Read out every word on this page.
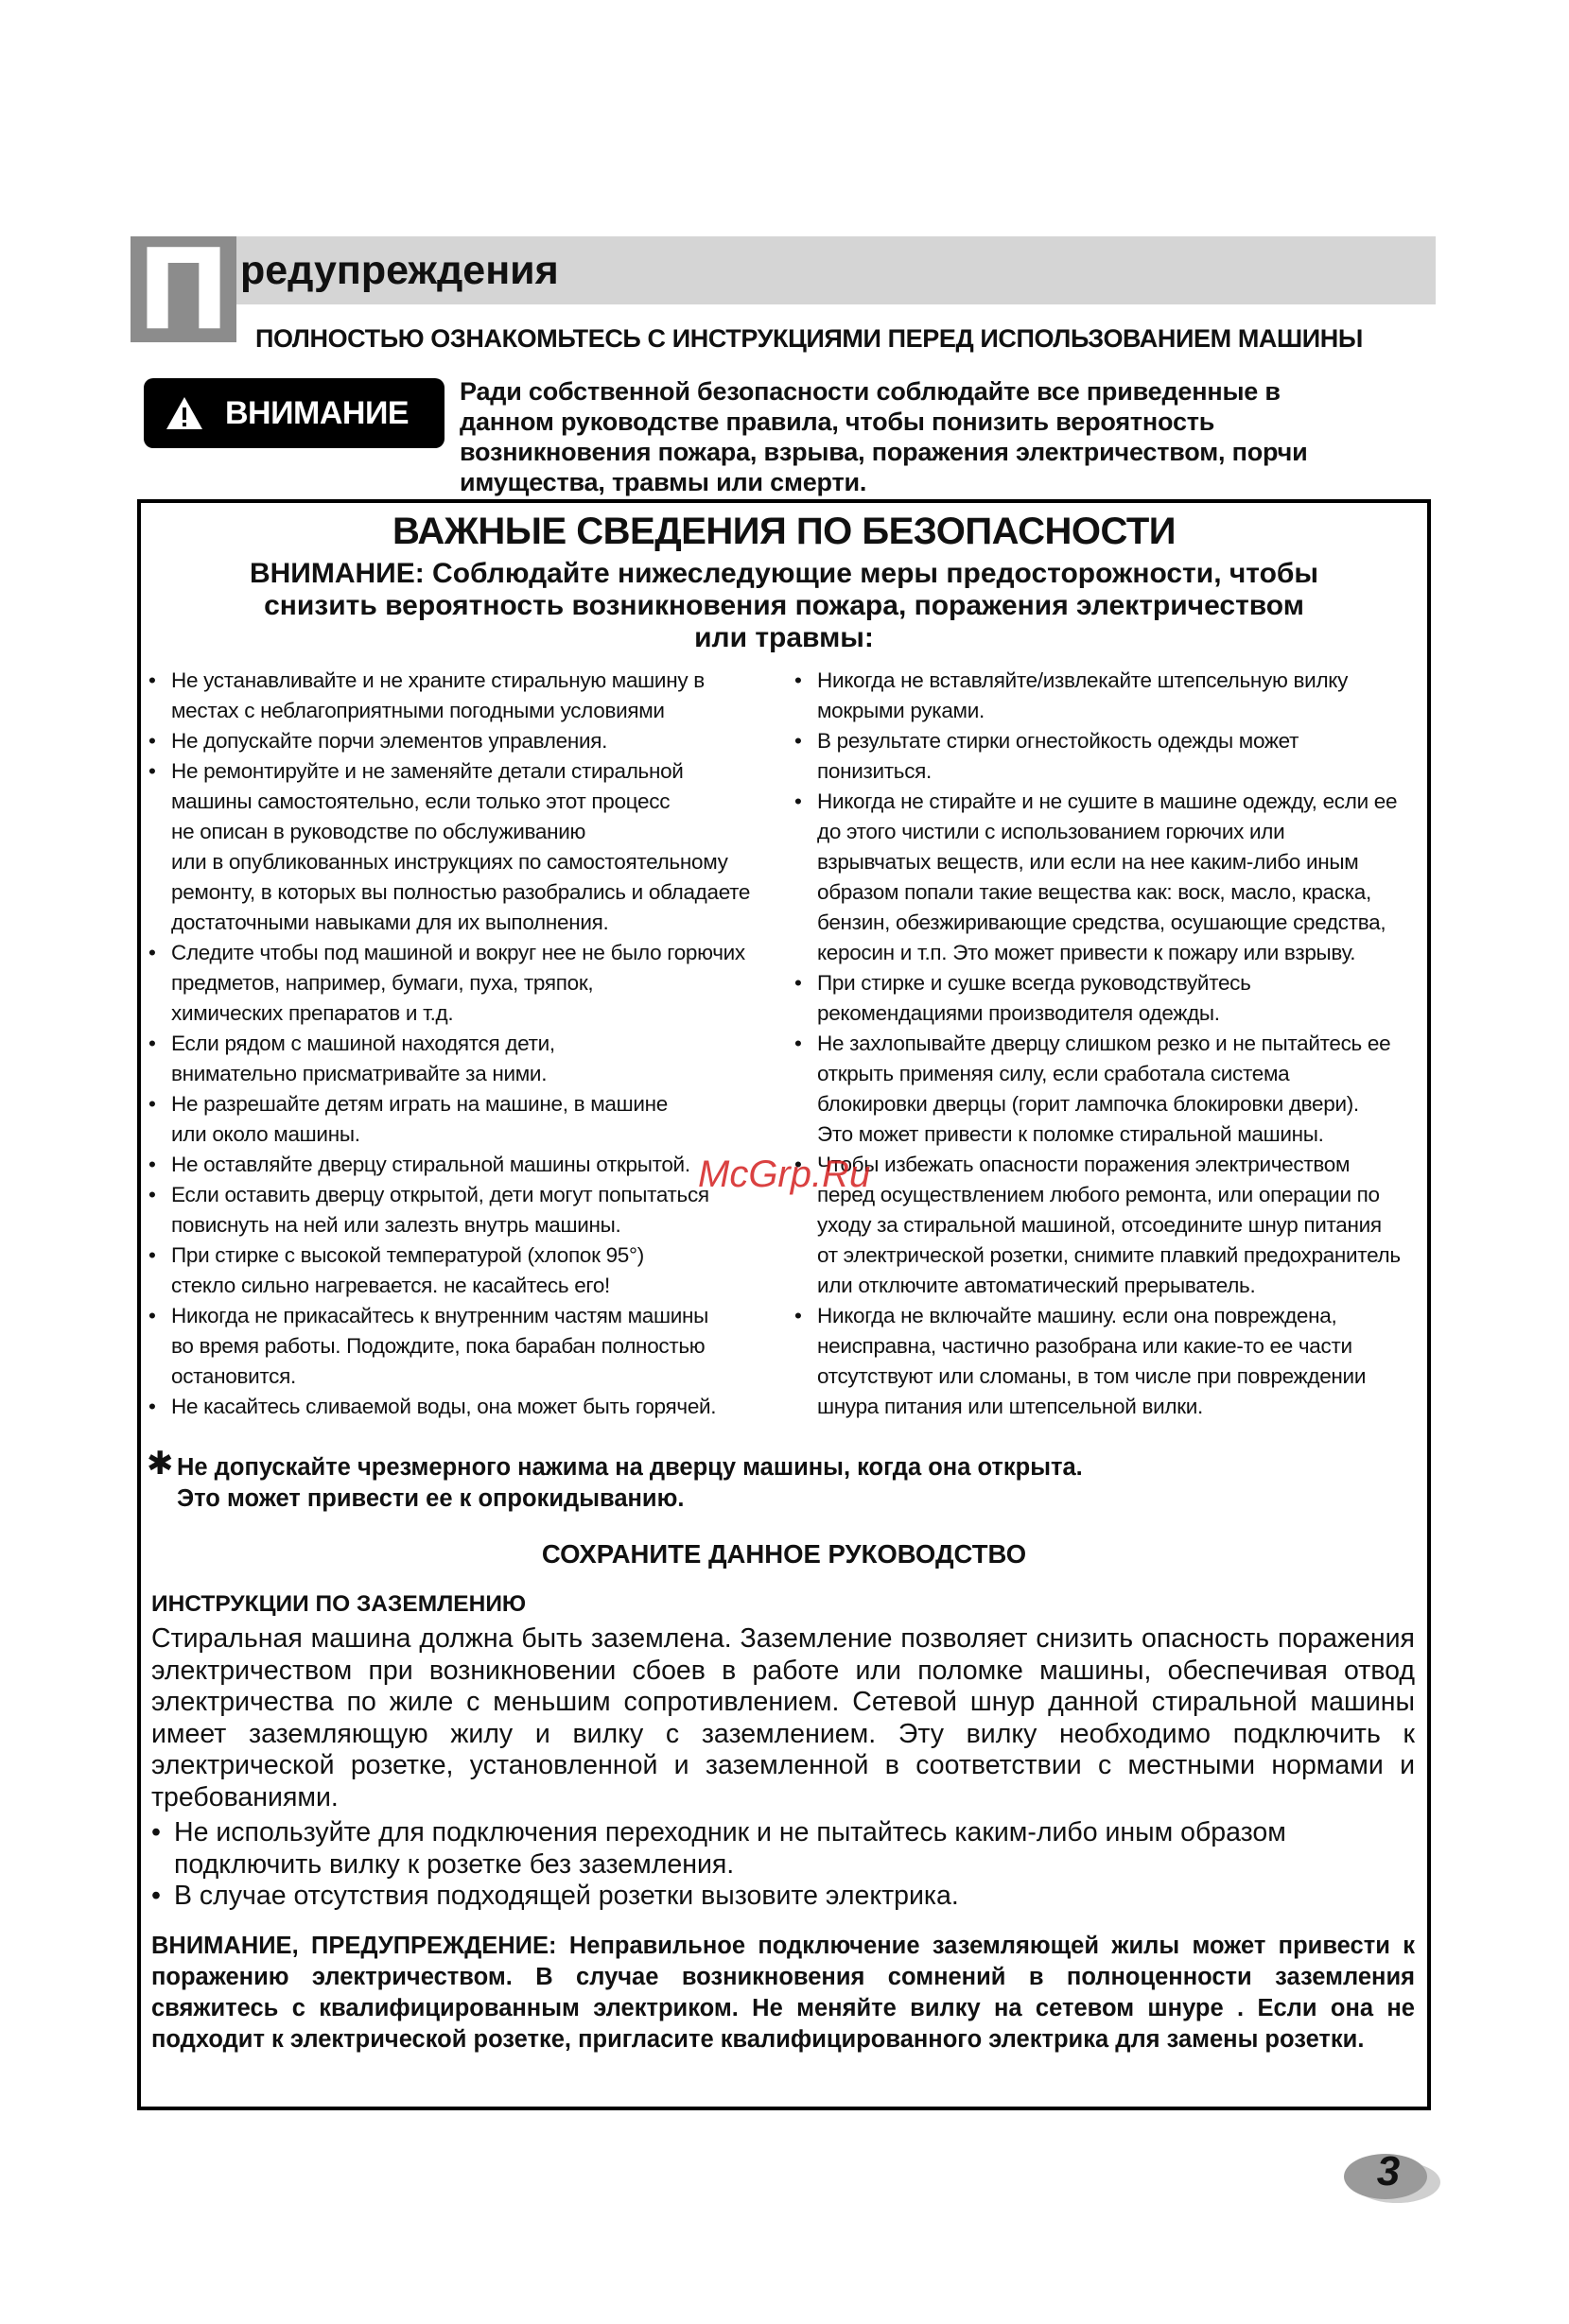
П редупреждения
ПОЛНОСТЬЮ ОЗНАКОМЬТЕСЬ С ИНСТРУКЦИЯМИ ПЕРЕД ИСПОЛЬЗОВАНИЕМ МАШИНЫ
ВНИМАНИЕ
Ради собственной безопасности соблюдайте все приведенные в
данном руководстве правила, чтобы понизить вероятность
возникновения пожара, взрыва, поражения электричеством, порчи
имущества, травмы или смерти.
ВАЖНЫЕ СВЕДЕНИЯ ПО БЕЗОПАСНОСТИ
ВНИМАНИЕ: Соблюдайте нижеследующие меры предосторожности, чтобы
снизить вероятность возникновения пожара, поражения электричеством
или травмы:
• Не устанавливайте и не храните стиральную машину в
местах с неблагоприятными погодными условиями
• Не допускайте порчи элементов управления.
• Не ремонтируйте и не заменяйте детали стиральной
машины самостоятельно, если только этот процесс
не описан в руководстве по обслуживанию
или в опубликованных инструкциях по самостоятельному
ремонту, в которых вы полностью разобрались и обладаете
достаточными навыками для их выполнения.
• Следите чтобы под машиной и вокруг нее не было горючих
предметов, например, бумаги, пуха, тряпок,
химических препаратов и т.д.
• Если рядом с машиной находятся дети,
внимательно присматривайте за ними.
• Не разрешайте детям играть на машине, в машине
или около машины.
• Не оставляйте дверцу стиральной машины открытой.
• Если оставить дверцу открытой, дети могут попытаться
повиснуть на ней или залезть внутрь машины.
• При стирке с высокой температурой (хлопок 95°)
стекло сильно нагревается. не касайтесь его!
• Никогда не прикасайтесь к внутренним частям машины
во время работы. Подождите, пока барабан полностью
остановится.
• Не касайтесь сливаемой воды, она может быть горячей.
• Никогда не вставляйте/извлекайте штепсельную вилку
мокрыми руками.
• В результате стирки огнестойкость одежды может
понизиться.
• Никогда не стирайте и не сушите в машине одежду, если ее
до этого чистили с использованием горючих или
взрывчатых веществ, или если на нее каким-либо иным
образом попали такие вещества как: воск, масло, краска,
бензин, обезжиривающие средства, осушающие средства,
керосин и т.п. Это может привести к пожару или взрыву.
• При стирке и сушке всегда руководствуйтесь
рекомендациями производителя одежды.
• Не захлопывайте дверцу слишком резко и не пытайтесь ее
открыть применяя силу, если сработала система
блокировки дверцы (горит лампочка блокировки двери).
Это может привести к поломке стиральной машины.
• Чтобы избежать опасности поражения электричеством
перед осуществлением любого ремонта, или операции по
уходу за стиральной машиной, отсоедините шнур питания
от электрической розетки, снимите плавкий предохранитель
или отключите автоматический прерыватель.
• Никогда не включайте машину. если она повреждена,
неисправна, частично разобрана или какие-то ее части
отсутствуют или сломаны, в том числе при повреждении
шнура питания или штепсельной вилки.
✱ Не допускайте чрезмерного нажима на дверцу машины, когда она открыта.
Это может привести ее к опрокидыванию.
СОХРАНИТЕ ДАННОЕ РУКОВОДСТВО
ИНСТРУКЦИИ ПО ЗАЗЕМЛЕНИЮ
Стиральная машина должна быть заземлена. Заземление позволяет снизить опасность поражения электричеством при возникновении сбоев в работе или поломке машины, обеспечивая отвод электричества по жиле с меньшим сопротивлением. Сетевой шнур данной стиральной машины имеет заземляющую жилу и вилку с заземлением. Эту вилку необходимо подключить к электрической розетке, установленной и заземленной в соответствии с местными нормами и требованиями.
• Не используйте для подключения переходник и не пытайтесь каким-либо иным образом
подключить вилку к розетке без заземления.
• В случае отсутствия подходящей розетки вызовите электрика.
ВНИМАНИЕ, ПРЕДУПРЕЖДЕНИЕ: Неправильное подключение заземляющей жилы может привести к поражению электричеством. В случае возникновения сомнений в полноценности заземления свяжитесь с квалифицированным электриком. Не меняйте вилку на сетевом шнуре . Если она не подходит к электрической розетке, пригласите квалифицированного электрика для замены розетки.
McGrp.Ru
3
